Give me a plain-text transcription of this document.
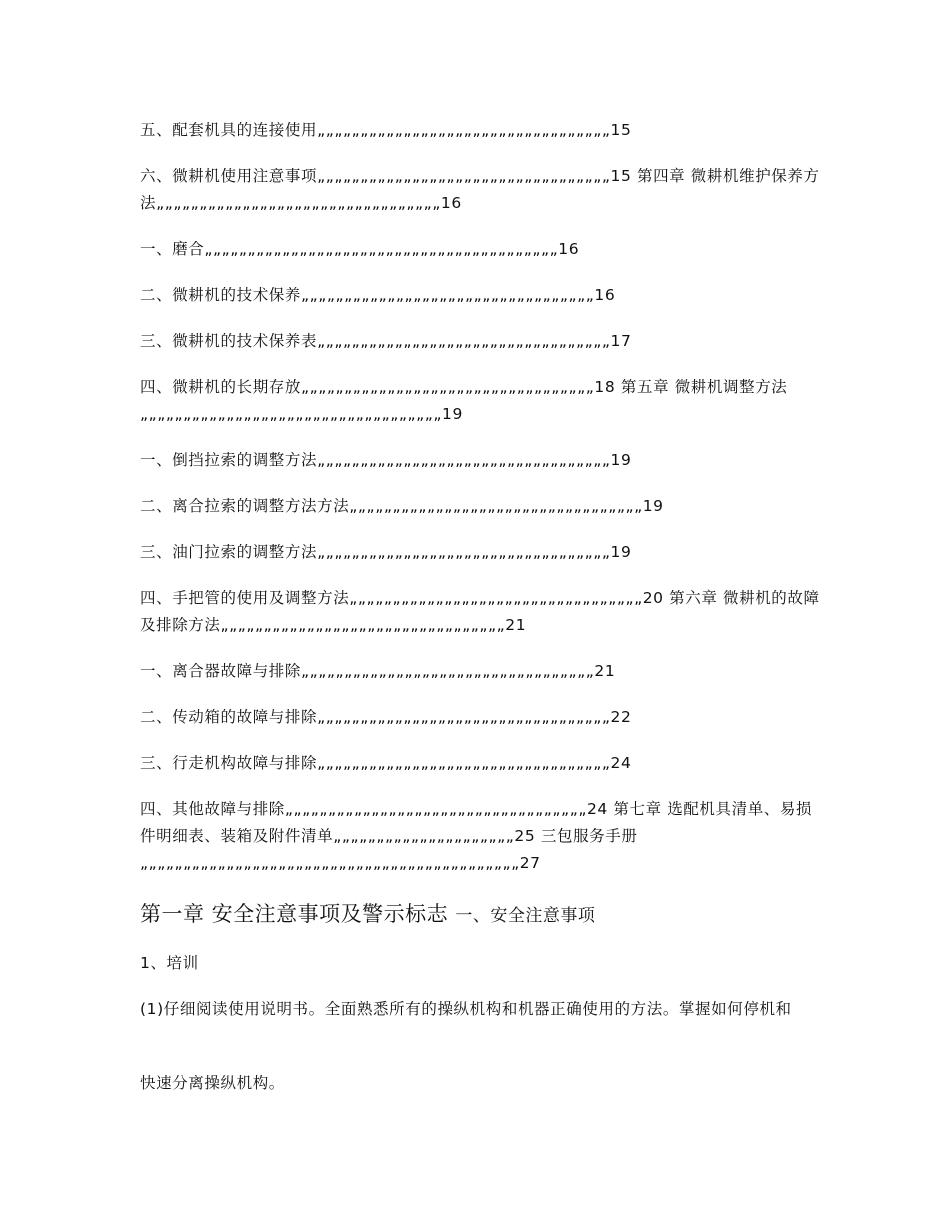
五、配套机具的连接使用„„„„„„„„„„„„„„„„„„„„„„„„„„„„„„„„„„15

六、微耕机使用注意事项„„„„„„„„„„„„„„„„„„„„„„„„„„„„„„„„„„15 第四章 微耕机维护保养方法„„„„„„„„„„„„„„„„„„„„„„„„„„„„„„„„„16

一、磨合„„„„„„„„„„„„„„„„„„„„„„„„„„„„„„„„„„„„„„„„„16

二、微耕机的技术保养„„„„„„„„„„„„„„„„„„„„„„„„„„„„„„„„„„16

三、微耕机的技术保养表„„„„„„„„„„„„„„„„„„„„„„„„„„„„„„„„„„17

四、微耕机的长期存放„„„„„„„„„„„„„„„„„„„„„„„„„„„„„„„„„„18 第五章 微耕机调整方法„„„„„„„„„„„„„„„„„„„„„„„„„„„„„„„„„„„19

一、倒挡拉索的调整方法„„„„„„„„„„„„„„„„„„„„„„„„„„„„„„„„„„19

二、离合拉索的调整方法方法„„„„„„„„„„„„„„„„„„„„„„„„„„„„„„„„„„19

三、油门拉索的调整方法„„„„„„„„„„„„„„„„„„„„„„„„„„„„„„„„„„19

四、手把管的使用及调整方法„„„„„„„„„„„„„„„„„„„„„„„„„„„„„„„„„„20 第六章 微耕机的故障及排除方法„„„„„„„„„„„„„„„„„„„„„„„„„„„„„„„„„21

一、离合器故障与排除„„„„„„„„„„„„„„„„„„„„„„„„„„„„„„„„„„21

二、传动箱的故障与排除„„„„„„„„„„„„„„„„„„„„„„„„„„„„„„„„„„22

三、行走机构故障与排除„„„„„„„„„„„„„„„„„„„„„„„„„„„„„„„„„„24

四、其他故障与排除„„„„„„„„„„„„„„„„„„„„„„„„„„„„„„„„„„„24 第七章 选配机具清单、易损件明细表、装箱及附件清单„„„„„„„„„„„„„„„„„„„„„25 三包服务手册„„„„„„„„„„„„„„„„„„„„„„„„„„„„„„„„„„„„„„„„„„„„27

第一章 安全注意事项及警示标志 一、安全注意事项

1、培训

(1)仔细阅读使用说明书。全面熟悉所有的操纵机构和机器正确使用的方法。掌握如何停机和

快速分离操纵机构。
